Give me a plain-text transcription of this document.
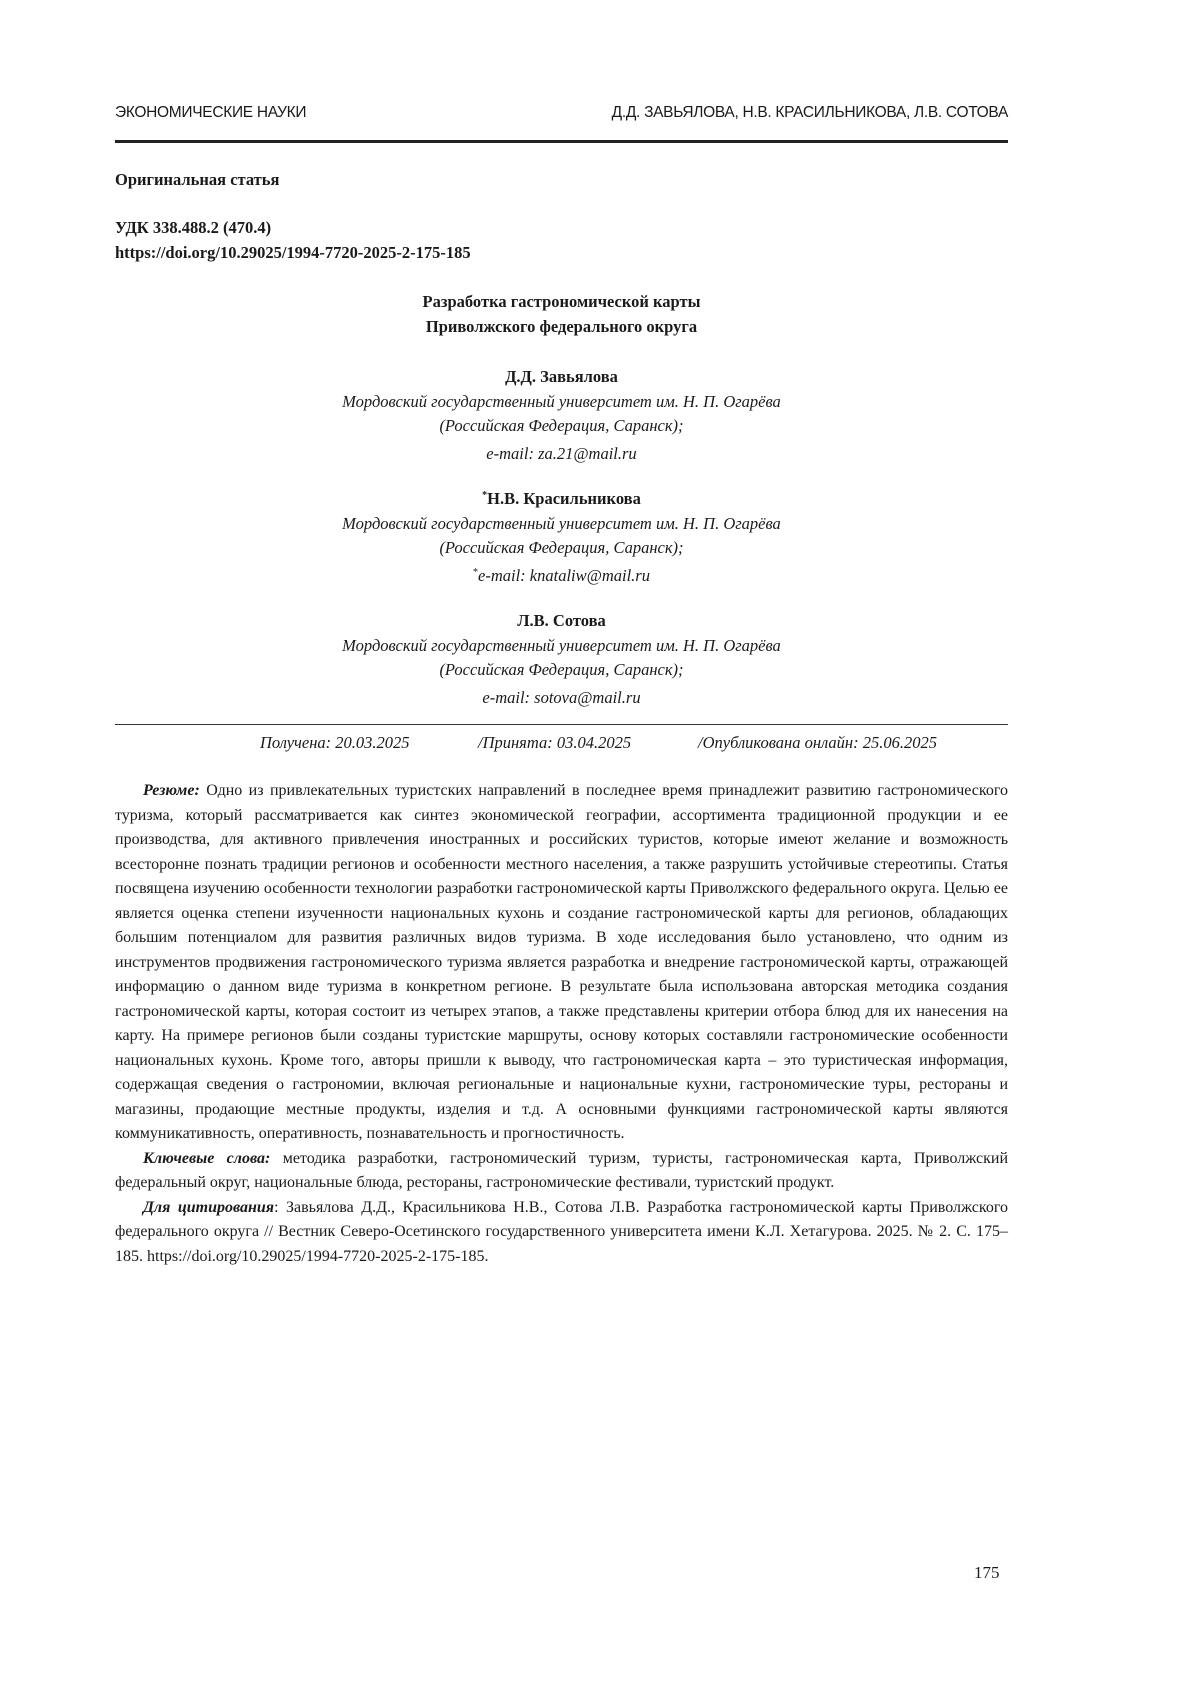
ЭКОНОМИЧЕСКИЕ НАУКИ	Д.Д. ЗАВЬЯЛОВА, Н.В. КРАСИЛЬНИКОВА, Л.В. СОТОВА
Оригинальная статья
УДК 338.488.2 (470.4)
https://doi.org/10.29025/1994-7720-2025-2-175-185
Разработка гастрономической карты
Приволжского федерального округа
Д.Д. Завьялова
Мордовский государственный университет им. Н. П. Огарёва
(Российская Федерация, Саранск);
e-mail: za.21@mail.ru
*Н.В. Красильникова
Мордовский государственный университет им. Н. П. Огарёва
(Российская Федерация, Саранск);
*e-mail: knataliw@mail.ru
Л.В. Сотова
Мордовский государственный университет им. Н. П. Огарёва
(Российская Федерация, Саранск);
e-mail: sotova@mail.ru
Получена: 20.03.2025	/Принята: 03.04.2025	/Опубликована онлайн: 25.06.2025

Резюме: Одно из привлекательных туристских направлений в последнее время принадлежит развитию гастрономического туризма, который рассматривается как синтез экономической географии, ассортимента традиционной продукции и ее производства, для активного привлечения иностранных и российских туристов, которые имеют желание и возможность всесторонне познать традиции регионов и особенности местного населения, а также разрушить устойчивые стереотипы. Статья посвящена изучению особенности технологии разработки гастрономической карты Приволжского федерального округа. Целью ее является оценка степени изученности национальных кухонь и создание гастрономической карты для регионов, обладающих большим потенциалом для развития различных видов туризма. В ходе исследования было установлено, что одним из инструментов продвижения гастрономического туризма является разработка и внедрение гастрономической карты, отражающей информацию о данном виде туризма в конкретном регионе. В результате была использована авторская методика создания гастрономической карты, которая состоит из четырех этапов, а также представлены критерии отбора блюд для их нанесения на карту. На примере регионов были созданы туристские маршруты, основу которых составляли гастрономические особенности национальных кухонь. Кроме того, авторы пришли к выводу, что гастрономическая карта – это туристическая информация, содержащая сведения о гастрономии, включая региональные и национальные кухни, гастрономические туры, рестораны и магазины, продающие местные продукты, изделия и т.д. А основными функциями гастрономической карты являются коммуникативность, оперативность, познавательность и прогностичность.

Ключевые слова: методика разработки, гастрономический туризм, туристы, гастрономическая карта, Приволжский федеральный округ, национальные блюда, рестораны, гастрономические фестивали, туристский продукт.

Для цитирования: Завьялова Д.Д., Красильникова Н.В., Сотова Л.В. Разработка гастрономической карты Приволжского федерального округа // Вестник Северо-Осетинского государственного университета имени К.Л. Хетагурова. 2025. № 2. С. 175–185. https://doi.org/10.29025/1994-7720-2025-2-175-185.

175
